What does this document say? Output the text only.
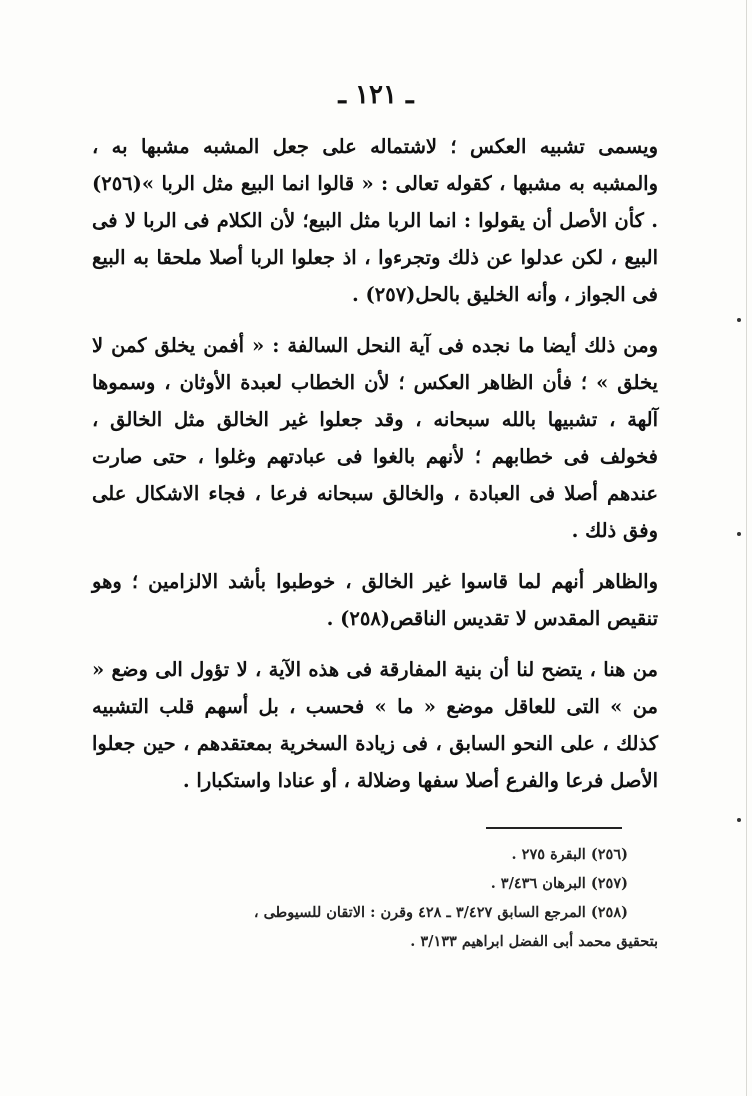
ـ ١٢١ ـ

ويسمى تشبيه العكس ؛ لاشتماله على جعل المشبه مشبها به ، والمشبه به مشبها ، كقوله تعالى : « قالوا انما البيع مثل الربا »(٢٥٦) . كأن الأصل أن يقولوا : انما الربا مثل البيع؛ لأن الكلام فى الربا لا فى البيع ، لكن عدلوا عن ذلك وتجرءوا ، اذ جعلوا الربا أصلا ملحقا به البيع فى الجواز ، وأنه الخليق بالحل(٢٥٧) .

ومن ذلك أيضا ما نجده فى آية النحل السالفة : « أفمن يخلق كمن لا يخلق » ؛ فأن الظاهر العكس ؛ لأن الخطاب لعبدة الأوثان ، وسموها آلهة ، تشبيها بالله سبحانه ، وقد جعلوا غير الخالق مثل الخالق ، فخولف فى خطابهم ؛ لأنهم بالغوا فى عبادتهم وغلوا ، حتى صارت عندهم أصلا فى العبادة ، والخالق سبحانه فرعا ، فجاء الاشكال على وفق ذلك .

والظاهر أنهم لما قاسوا غير الخالق ، خوطبوا بأشد الالزامين ؛ وهو تنقيص المقدس لا تقديس الناقص(٢٥٨) .

من هنا ، يتضح لنا أن بنية المفارقة فى هذه الآية ، لا تؤول الى وضع « من » التى للعاقل موضع « ما » فحسب ، بل أسهم قلب التشبيه كذلك ، على النحو السابق ، فى زيادة السخرية بمعتقدهم ، حين جعلوا الأصل فرعا والفرع أصلا سفها وضلالة ، أو عنادا واستكبارا .

(٢٥٦) البقرة ٢٧٥ .

(٢٥٧) البرهان ٣/٤٣٦ .

(٢٥٨) المرجع السابق ٣/٤٢٧ ـ ٤٢٨ وقرن : الاتقان للسيوطى ،

بتحقيق محمد أبى الفضل ابراهيم ٣/١٣٣ .
